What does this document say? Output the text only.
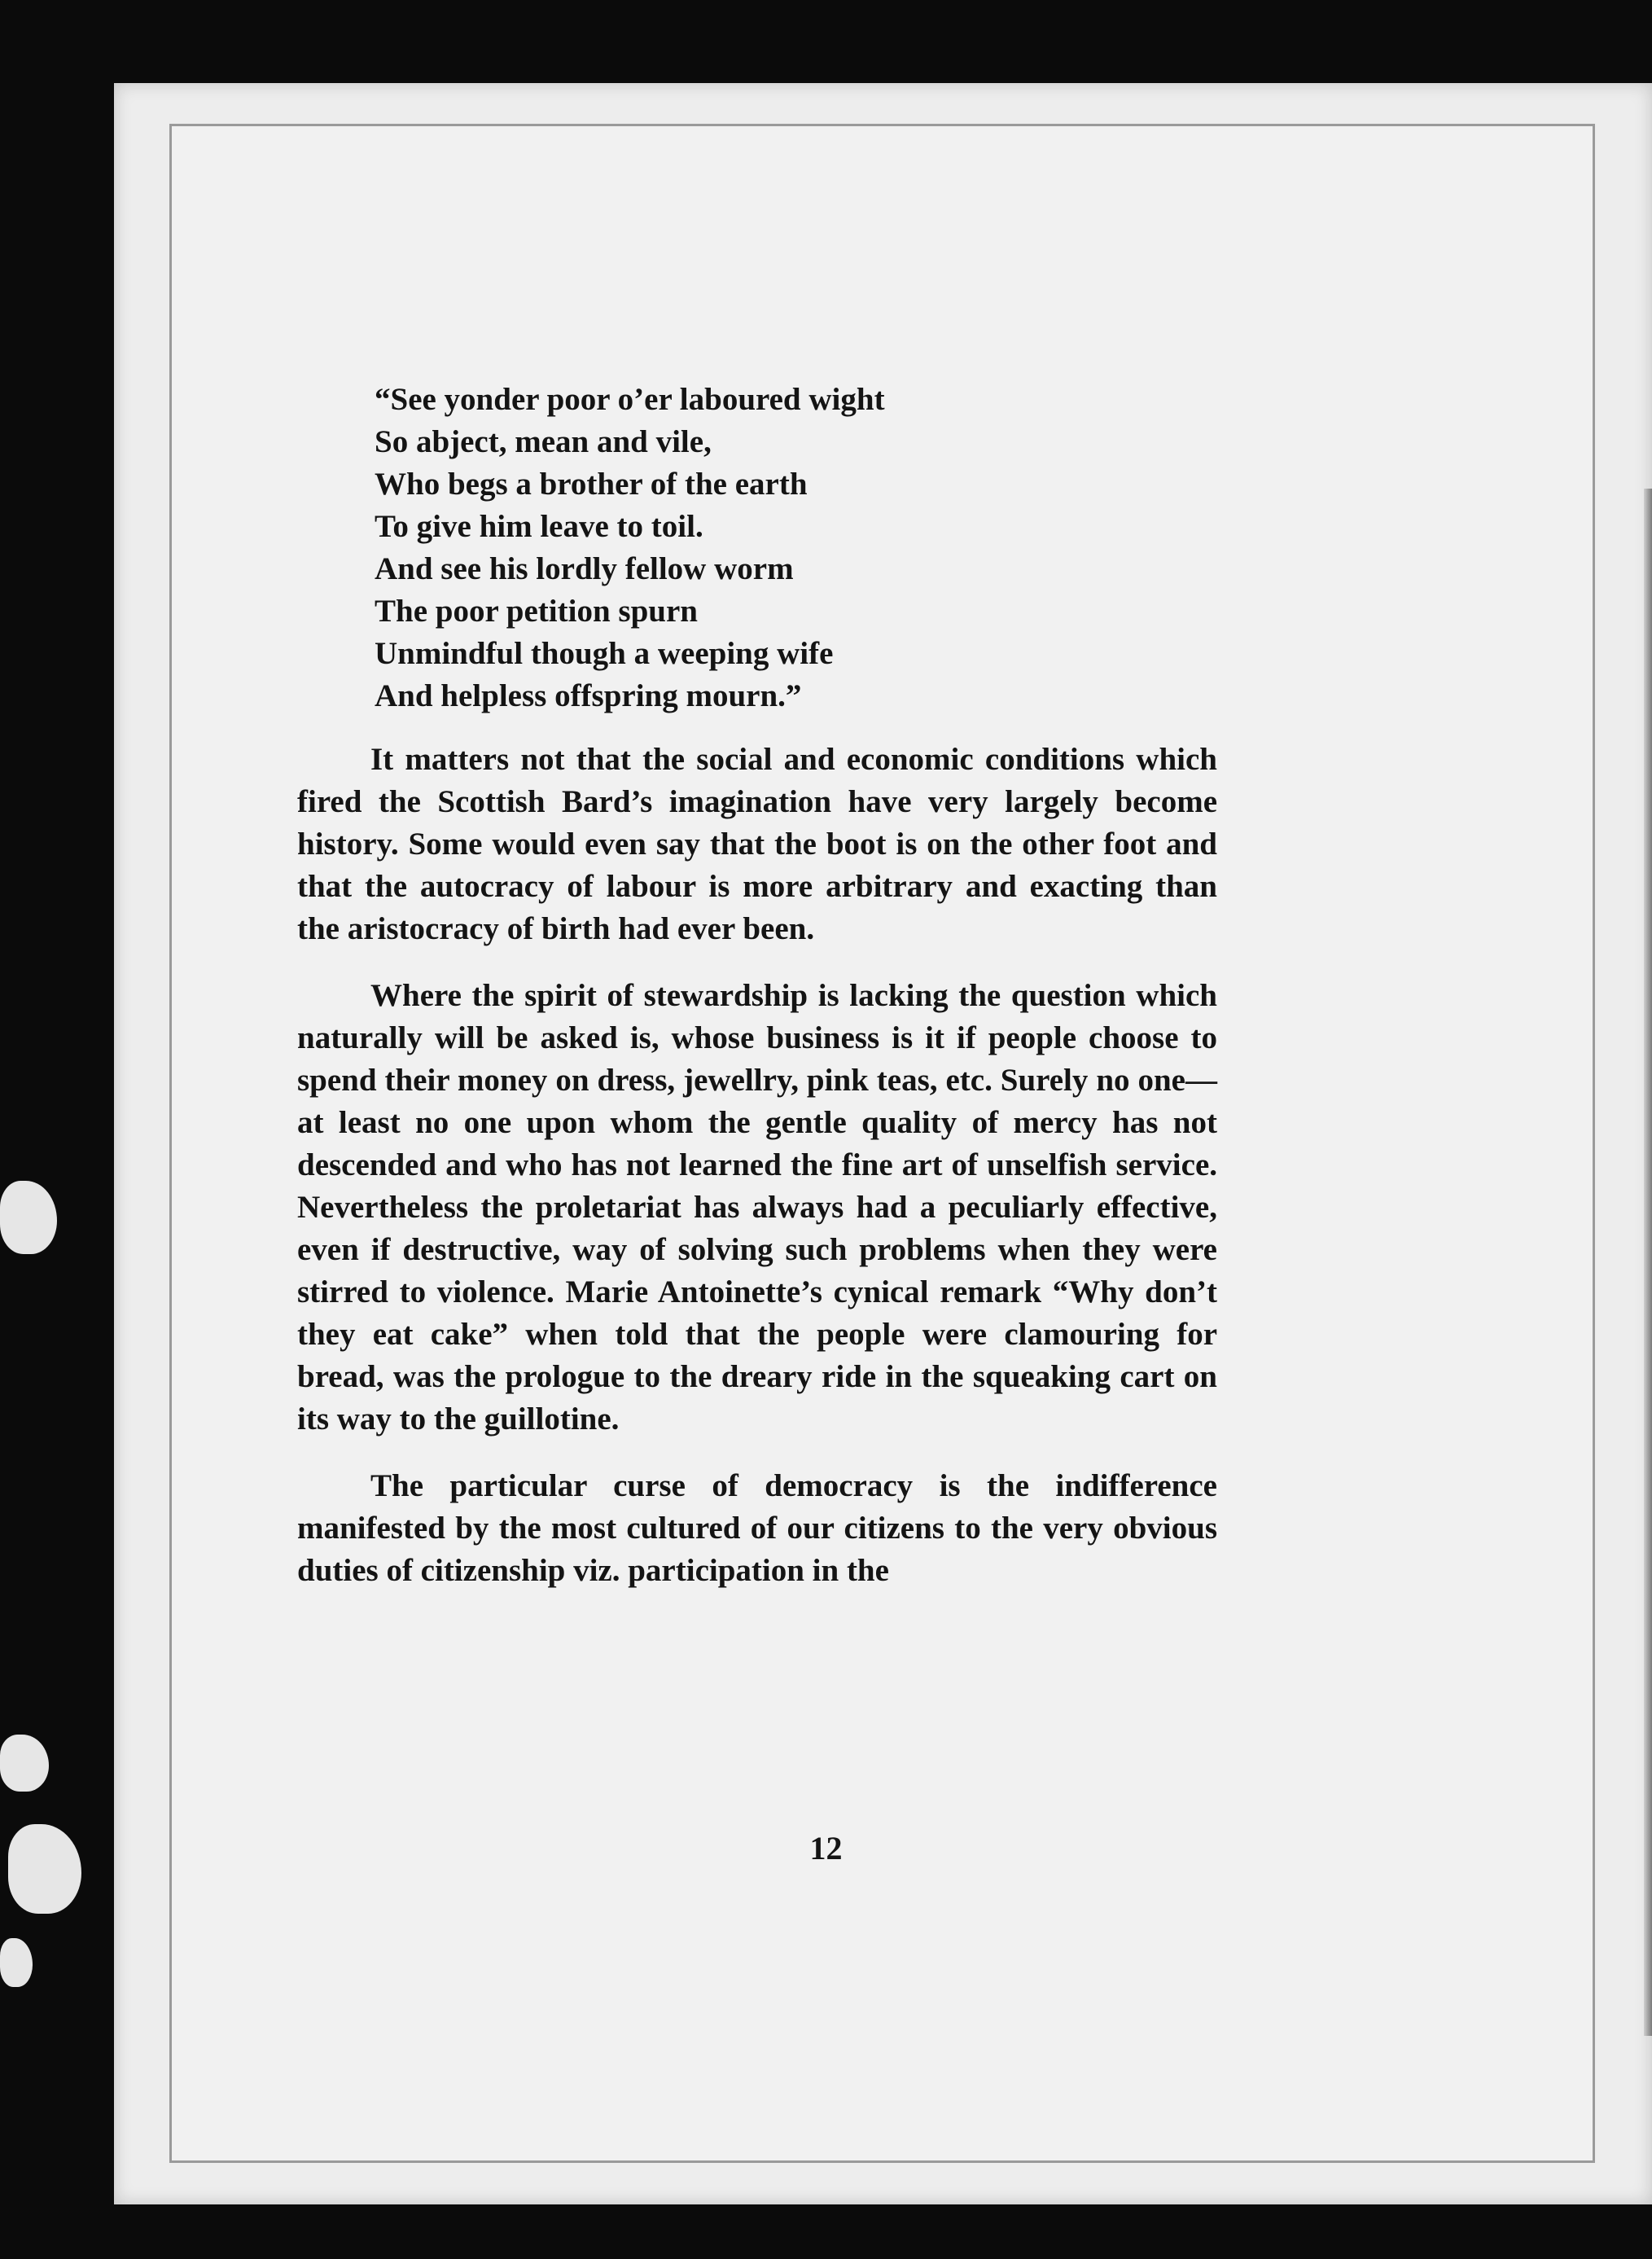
“See yonder poor o’er laboured wight
So abject, mean and vile,
Who begs a brother of the earth
To give him leave to toil.
And see his lordly fellow worm
The poor petition spurn
Unmindful though a weeping wife
And helpless offspring mourn.”

It matters not that the social and economic conditions which fired the Scottish Bard’s imagination have very largely become history. Some would even say that the boot is on the other foot and that the autocracy of labour is more arbitrary and exacting than the aristocracy of birth had ever been.

Where the spirit of stewardship is lacking the question which naturally will be asked is, whose business is it if people choose to spend their money on dress, jewellry, pink teas, etc. Surely no one—at least no one upon whom the gentle quality of mercy has not descended and who has not learned the fine art of unselfish service. Nevertheless the proletariat has always had a peculiarly effective, even if destructive, way of solving such problems when they were stirred to violence. Marie Antoinette’s cynical remark “Why don’t they eat cake” when told that the people were clamouring for bread, was the prologue to the dreary ride in the squeaking cart on its way to the guillotine.

The particular curse of democracy is the indifference manifested by the most cultured of our citizens to the very obvious duties of citizenship viz. participation in the

12
